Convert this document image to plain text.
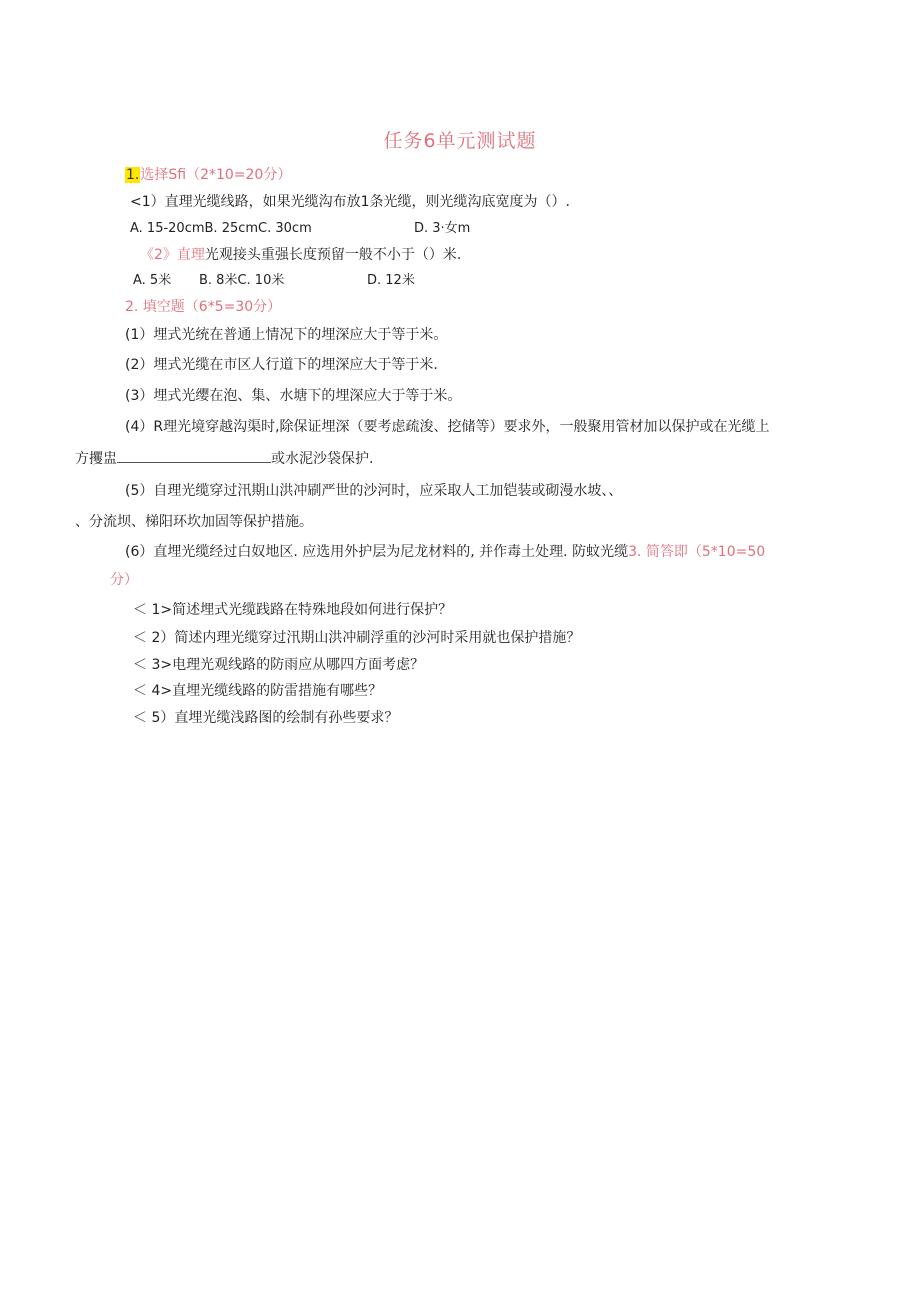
任务6单元测试题
1.选择Sfi（2*10=20分）
<1）直理光缆线路，如果光缆沟布放1条光缆，则光缆沟底宽度为（）.
A. 15-20cmB. 25cmC. 30cm	D. 3·女m
《2》直理光观接头重强长度预留一般不小于（）米.
A. 5米 B. 8米C. 10米	D. 12米
2. 填空题（6*5=30分）
(1）埋式光统在普通上情况下的埋深应大于等于米。
(2）埋式光缆在市区人行道下的埋深应大于等于米.
(3）埋式光缨在泡、集、水塘下的埋深应大于等于米。
(4）R理光境穿越沟渠时,除保证埋深（要考虑疏浚、挖储等）要求外，一般聚用管材加以保护或在光缆上
方攫盅	或水泥沙袋保护.
(5）自理光缆穿过汛期山洪冲刷严世的沙河时，应采取人工加铠装或砌漫水坡、、
、分流坝、梯阳环坎加固等保护措施。
(6）直埋光缆经过白奴地区. 应选用外护层为尼龙材料的, 并作毒土处理. 防蚊光缆3. 简答即（5*10=50
分）
＜ 1>简述埋式光缆践路在特殊地段如何进行保护？
＜ 2）简述内理光缆穿过汛期山洪冲刷浮重的沙河时采用就也保护措施？
＜ 3>电理光观线路的防雨应从哪四方面考虑？
＜ 4>直埋光缆线路的防雷措施有哪些？
＜ 5）直埋光缆浅路图的绘制有孙些要求？
